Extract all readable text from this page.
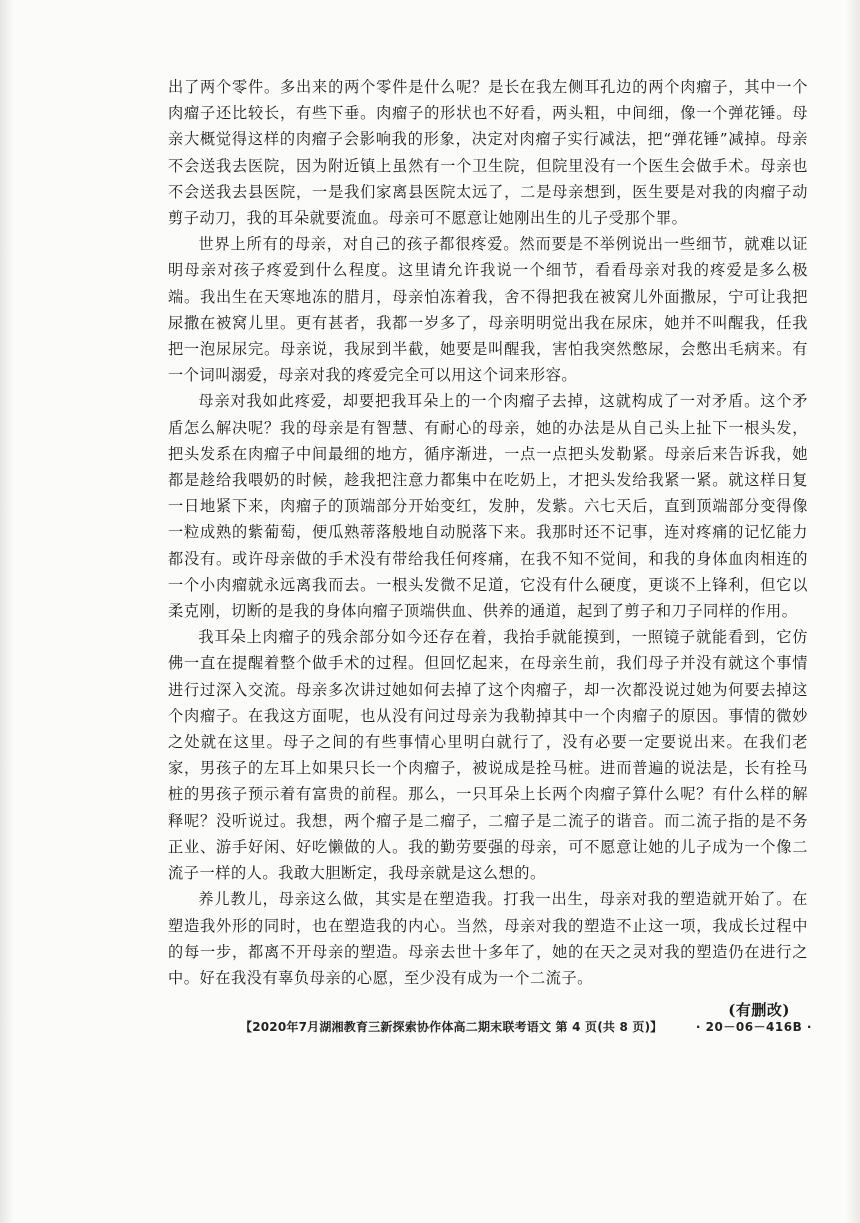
出了两个零件。多出来的两个零件是什么呢？是长在我左侧耳孔边的两个肉瘤子，其中一个肉瘤子还比较长，有些下垂。肉瘤子的形状也不好看，两头粗，中间细，像一个弹花锤。母亲大概觉得这样的肉瘤子会影响我的形象，决定对肉瘤子实行减法，把“弹花锤”减掉。母亲不会送我去医院，因为附近镇上虽然有一个卫生院，但院里没有一个医生会做手术。母亲也不会送我去县医院，一是我们家离县医院太远了，二是母亲想到，医生要是对我的肉瘤子动剪子动刀，我的耳朵就要流血。母亲可不愿意让她刚出生的儿子受那个罪。

世界上所有的母亲，对自己的孩子都很疼爱。然而要是不举例说出一些细节，就难以证明母亲对孩子疼爱到什么程度。这里请允许我说一个细节，看看母亲对我的疼爱是多么极端。我出生在天寒地冻的腊月，母亲怕冻着我，舍不得把我在被窝儿外面撒尿，宁可让我把尿撒在被窝儿里。更有甚者，我都一岁多了，母亲明明觉出我在尿床，她并不叫醒我，任我把一泡尿尿完。母亲说，我尿到半截，她要是叫醒我，害怕我突然憋尿，会憋出毛病来。有一个词叫溺爱，母亲对我的疼爱完全可以用这个词来形容。

母亲对我如此疼爱，却要把我耳朵上的一个肉瘤子去掉，这就构成了一对矛盾。这个矛盾怎么解决呢？我的母亲是有智慧、有耐心的母亲，她的办法是从自己头上扯下一根头发，把头发系在肉瘤子中间最细的地方，循序渐进，一点一点把头发勒紧。母亲后来告诉我，她都是趁给我喂奶的时候，趁我把注意力都集中在吃奶上，才把头发给我紧一紧。就这样日复一日地紧下来，肉瘤子的顶端部分开始变红，发肿，发紫。六七天后，直到顶端部分变得像一粒成熟的紫葡萄，便瓜熟蒂落般地自动脱落下来。我那时还不记事，连对疼痛的记忆能力都没有。或许母亲做的手术没有带给我任何疼痛，在我不知不觉间，和我的身体血肉相连的一个小肉瘤就永远离我而去。一根头发微不足道，它没有什么硬度，更谈不上锋利，但它以柔克刚，切断的是我的身体向瘤子顶端供血、供养的通道，起到了剪子和刀子同样的作用。

我耳朵上肉瘤子的残余部分如今还存在着，我抬手就能摸到，一照镜子就能看到，它仿佛一直在提醒着整个做手术的过程。但回忆起来，在母亲生前，我们母子并没有就这个事情进行过深入交流。母亲多次讲过她如何去掉了这个肉瘤子，却一次都没说过她为何要去掉这个肉瘤子。在我这方面呢，也从没有问过母亲为我勒掉其中一个肉瘤子的原因。事情的微妙之处就在这里。母子之间的有些事情心里明白就行了，没有必要一定要说出来。在我们老家，男孩子的左耳上如果只长一个肉瘤子，被说成是拴马桩。进而普遍的说法是，长有拴马桩的男孩子预示着有富贵的前程。那么，一只耳朵上长两个肉瘤子算什么呢？有什么样的解释呢？没听说过。我想，两个瘤子是二瘤子，二瘤子是二流子的谐音。而二流子指的是不务正业、游手好闲、好吃懒做的人。我的勤劳要强的母亲，可不愿意让她的儿子成为一个像二流子一样的人。我敢大胆断定，我母亲就是这么想的。

养儿教儿，母亲这么做，其实是在塑造我。打我一出生，母亲对我的塑造就开始了。在塑造我外形的同时，也在塑造我的内心。当然，母亲对我的塑造不止这一项，我成长过程中的每一步，都离不开母亲的塑造。母亲去世十多年了，她的在天之灵对我的塑造仍在进行之中。好在我没有辜负母亲的心愿，至少没有成为一个二流子。

(有删改)
【2020年7月湖湘教育三新探索协作体高二期末联考语文 第 4 页(共 8 页)】	· 20－06－416B ·
